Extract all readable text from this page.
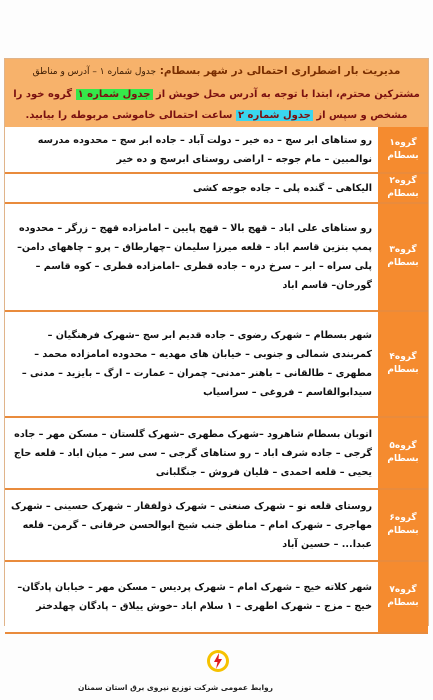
مدیریت بار اضطراری احتمالی در شهر بسطام: جدول شماره ۱ – آدرس و مناطق
مشترکین محترم، ابتدا با توجه به آدرس محل خویش از جدول شماره ۱ گروه خود را مشخص و سپس از جدول شماره ۲ ساعت احتمالی خاموشی مربوطه را بیابید.
گروه۱
بسطام	رو ستاهای ابر سج – ده خیر – دولت آباد – جاده ابر سج – محدوده مدرسه نوالمبین – مام جوجه – اراضی روستای ابرسج و ده خیر

گروه۲
بسطام	الیکاهی – گنده پلی – جاده جوجه کشی

گروه۳
بسطام	رو ستاهای علی اباد – قهج بالا – قهج پایین – امامزاده قهج – زرگر – محدوده پمپ بنزین قاسم اباد – قلعه میرزا سلیمان –چهارطاق – پرو – چاههای دامن– پلی سراه – ابر – سرخ دره – جاده قطری –امامزاده قطری – کوه قاسم – گورخان– قاسم اباد

گروه۴
بسطام	شهر بسطام – شهرک رضوی – جاده قدیم ابر سج –شهرک فرهنگیان – کمربندی شمالی و جنوبی – خیابان های مهدیه – محدوده امامزاده محمد – مطهری – طالقانی – باهنر –مدنی– چمران – عمارت – ارگ – بایزید – مدنی – سیدابوالقاسم – فروغی – سراسیاب

گروه۵
بسطام	اتوبان بسطام شاهرود –شهرک مطهری –شهرک گلستان – مسکن مهر – جاده گرجی – جاده شرف اباد – رو ستاهای گرجی – سی سر – میان اباد – قلعه حاج یحیی – قلعه احمدی – قلیان فروش – جنگلبانی

گروه۶
بسطام	روستای قلعه نو – شهرک صنعتی – شهرک ذولفقار – شهرک حسینی – شهرک مهاجری – شهرک امام – مناطق جنب شیخ ابوالحسن خرقانی – گرمن– قلعه عبدا... – حسین آباد

گروه۷
بسطام	شهر کلاته خیج – شهرک امام – شهرک پردیس – مسکن مهر – خیابان پادگان– خیج – مزج – شهرک اطهری – ۱ سلام اباد –خوش ییلاق – پادگان چهلدختر
روابط عمومی شرکت توزیع نیروی برق استان سمنان
